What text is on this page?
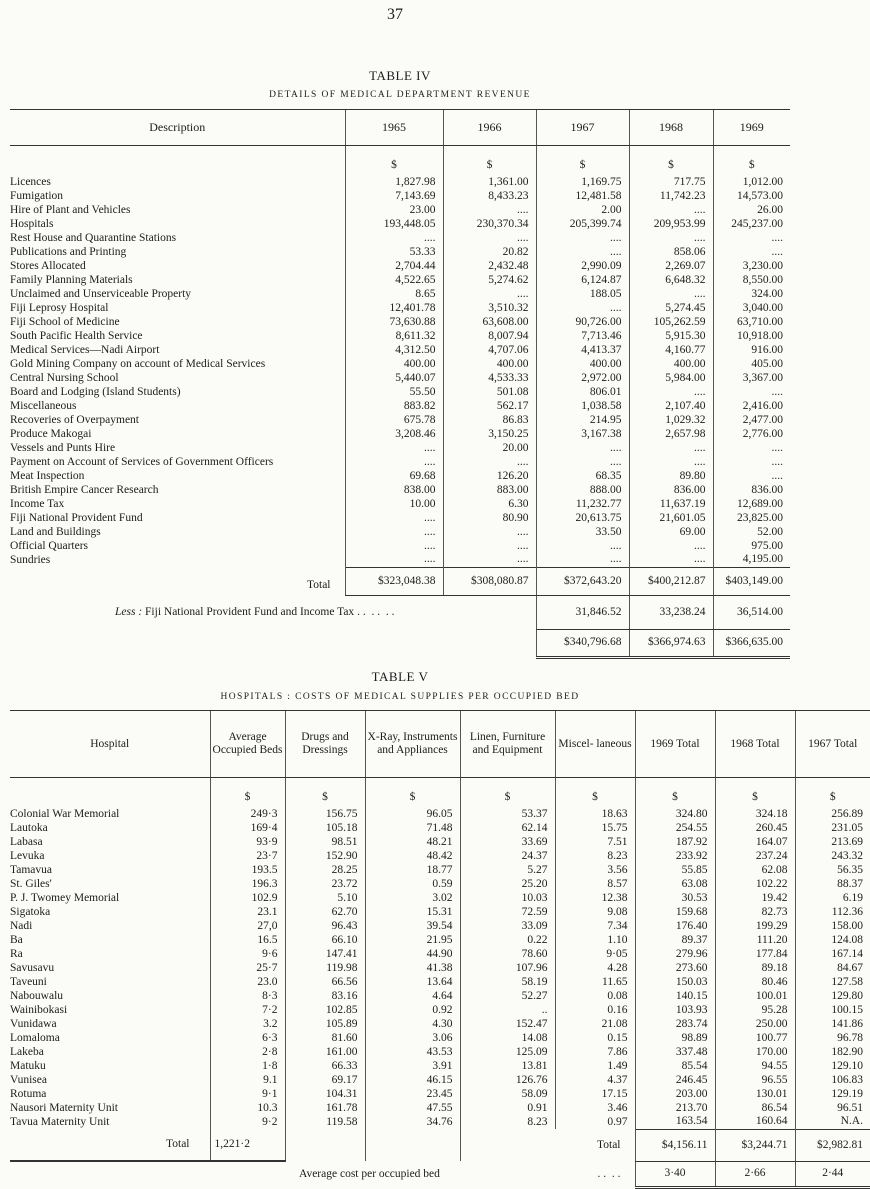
37
TABLE IV
DETAILS OF MEDICAL DEPARTMENT REVENUE
Description	1965	1966	1967	1968	1969
	$	$	$	$	$
Licences	1,827.98	1,361.00	1,169.75	717.75	1,012.00
Fumigation	7,143.69	8,433.23	12,481.58	11,742.23	14,573.00
Hire of Plant and Vehicles	23.00	....	2.00	....	26.00
Hospitals	193,448.05	230,370.34	205,399.74	209,953.99	245,237.00
Rest House and Quarantine Stations	....	....	....	....	....
Publications and Printing	53.33	20.82	....	858.06	....
Stores Allocated	2,704.44	2,432.48	2,990.09	2,269.07	3,230.00
Family Planning Materials	4,522.65	5,274.62	6,124.87	6,648.32	8,550.00
Unclaimed and Unserviceable Property	8.65	....	188.05	....	324.00
Fiji Leprosy Hospital	12,401.78	3,510.32	....	5,274.45	3,040.00
Fiji School of Medicine	73,630.88	63,608.00	90,726.00	105,262.59	63,710.00
South Pacific Health Service	8,611.32	8,007.94	7,713.46	5,915.30	10,918.00
Medical Services—Nadi Airport	4,312.50	4,707.06	4,413.37	4,160.77	916.00
Gold Mining Company on account of Medical Services	400.00	400.00	400.00	400.00	405.00
Central Nursing School	5,440.07	4,533.33	2,972.00	5,984.00	3,367.00
Board and Lodging (Island Students)	55.50	501.08	806.01	....	....
Miscellaneous	883.82	562.17	1,038.58	2,107.40	2,416.00
Recoveries of Overpayment	675.78	86.83	214.95	1,029.32	2,477.00
Produce Makogai	3,208.46	3,150.25	3,167.38	2,657.98	2,776.00
Vessels and Punts Hire	....	20.00	....	....	....
Payment on Account of Services of Government Officers	....	....	....	....	....
Meat Inspection	69.68	126.20	68.35	89.80	....
British Empire Cancer Research	838.00	883.00	888.00	836.00	836.00
Income Tax	10.00	6.30	11,232.77	11,637.19	12,689.00
Fiji National Provident Fund	....	80.90	20,613.75	21,601.05	23,825.00
Land and Buildings	....	....	33.50	69.00	52.00
Official Quarters	....	....	....	....	975.00
Sundries	....	....	....	....	4,195.00
Total	$323,048.38	$308,080.87	$372,643.20	$400,212.87	$403,149.00
Less : Fiji National Provident Fund and Income Tax . .  . .  . .			31,846.52	33,238.24	36,514.00
			$340,796.68	$366,974.63	$366,635.00
TABLE V
HOSPITALS : COSTS OF MEDICAL SUPPLIES PER OCCUPIED BED
Hospital	Average Occupied Beds	Drugs and Dressings	X-Ray, Instruments and Appliances	Linen, Furniture and Equipment	Miscel- laneous	1969 Total	1968 Total	1967 Total
	$	$	$	$	$	$	$	$
Colonial War Memorial	249·3	156.75	96.05	53.37	18.63	324.80	324.18	256.89
Lautoka	169·4	105.18	71.48	62.14	15.75	254.55	260.45	231.05
Labasa	93·9	98.51	48.21	33.69	7.51	187.92	164.07	213.69
Levuka	23·7	152.90	48.42	24.37	8.23	233.92	237.24	243.32
Tamavua	193.5	28.25	18.77	5.27	3.56	55.85	62.08	56.35
St. Giles'	196.3	23.72	0.59	25.20	8.57	63.08	102.22	88.37
P. J. Twomey Memorial	102.9	5.10	3.02	10.03	12.38	30.53	19.42	6.19
Sigatoka	23.1	62.70	15.31	72.59	9.08	159.68	82.73	112.36
Nadi	27,0	96.43	39.54	33.09	7.34	176.40	199.29	158.00
Ba	16.5	66.10	21.95	0.22	1.10	89.37	111.20	124.08
Ra	9·6	147.41	44.90	78.60	9·05	279.96	177.84	167.14
Savusavu	25·7	119.98	41.38	107.96	4.28	273.60	89.18	84.67
Taveuni	23.0	66.56	13.64	58.19	11.65	150.03	80.46	127.58
Nabouwalu	8·3	83.16	4.64	52.27	0.08	140.15	100.01	129.80
Wainibokasi	7·2	102.85	0.92	..	0.16	103.93	95.28	100.15
Vunidawa	3.2	105.89	4.30	152.47	21.08	283.74	250.00	141.86
Lomaloma	6·3	81.60	3.06	14.08	0.15	98.89	100.77	96.78
Lakeba	2·8	161.00	43.53	125.09	7.86	337.48	170.00	182.90
Matuku	1·8	66.33	3.91	13.81	1.49	85.54	94.55	129.10
Vunisea	9.1	69.17	46.15	126.76	4.37	246.45	96.55	106.83
Rotuma	9·1	104.31	23.45	58.09	17.15	203.00	130.01	129.19
Nausori Maternity Unit	10.3	161.78	47.55	0.91	3.46	213.70	86.54	96.51
Tavua Maternity Unit	9·2	119.58	34.76	8.23	0.97	163.54	160.64	N.A.
Total	1,221·2				Total	$4,156.11	$3,244.71	$2,982.81
		Average cost per occupied bed			. .  . .	3·40	2·66	2·44
